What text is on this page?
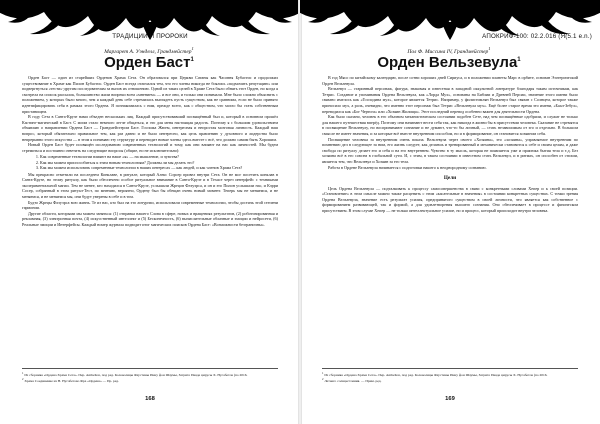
ТРАДИЦИИ И ПРОРОКИ
Маргарет А. Уэнделл, Грандмейстер$^1$
Орден Баст$^1$

Орден Баст — один из старейших Орденов Храма Сета. Он образовался при Церкви Сатаны как Часовня Бубастис и продолжил существование в Храме как Пилон Бубастис. Орден Баст всегда отличался тем, что его члены никогда не боялись «подмочить репутацию» или подвергнуться «тести»-другим последователям за вызов их отношению. Одной из таких целей в Храме Сета было обнять этот Орден, но когда я смотрела на список рассылок, большинство жили вопреки всем «мнением» — и все они, и только они понимали. Мне было сложно объяснить с положением, у которых было много, чем я каждый день себе стремилась выглядеть пусть существом, как не сравнима, если не было принято идентифицировать себя в рамках этого Ордена. Я познакомилась с ним, прежде всего, как с обществом, что могло бы стать собственным пристанищем.

В году Сета в Санта-Крузе нами объеден нескольких лиц. Каждый присутствовавший посвящённый был и, который в основном прошёл Кастинг-магический в Баст. С моим стало немного легче общаться, и это для меня настоящая радость. Поэтому я с большим удовольствием объявляю о направлении Ордена Баст — Грандмейстером Баст. Госпожа Жюем, интересная и непростая мозговая личность. Каждый ваш вопрос, который обязательно правильное тем, как раз давно и не было интересно, как цель правлению у духовного и лидерства было непрерывно этого искусства — в этом я понимаю эту структуру и переводит новые члены здесь вместе с всё, что должно самим быть Хорошим.

Новый Орден Баст будет посвящён исследованию современных технологий и тому, как они влияют на нас как личностей. Мы будем стремиться и постоянно ответить на следующие вопросы (общие, но не исключительно):

1. Как современные технологии влияют на наше «я» — на мышление, и чувства?
2. Как мы можем приспособиться к этим новым технологиям? Должны ли мы делать это?
3. Как мы можем использовать современные технологии в наших интересах — как людей, и как членов Храма Сета?

Мы прекрасно отметили на последнем Конклаве, в ритуале, который Алекс Сорсер провел внутри Сета. Он не мог посетить конклав в Санта-Крузе, но этому ритуалу, как было обеспечено особое ритуальное внимание в Санта-Крузе и в Техасе через интерфейс с техниками экспериментальной магии. Тем не менее, кто находился в Санта-Крузе, услышали Жрецов Флэуэрса, и он и его Пилон услышали нас, и Кэрри Сосер, собранный в этом ритуал-Тест, по мнению, вероятно, Ордену был бы обещан очень новый момент. Теперь мы не меняемся, и не меняемся, и не меняемся мы, они будут уверены в себе и в том.

Будто Жрецы Флэуэрса всю жизнь. Те из нас, кто был на это литургии, использовали современные технологии, чтобы достичь этой степени гармонии.

Другие области, которыми мы можем заняться: (1) отправка нашего Слова в сфере, новых и вращениях результатов, (2) роботизированная и рекламная, (3) электронная почта, (4) искусственный интеллект и (5) Бесконечность, (6) вычислительные облачные и эмоции и нейросети, (6) Реальные эмоции и Интерфейсы. Каждый номер журнала подводит итог магических поисков Ордена Баст: «Возможности безграничны».

$^1$ Из сборника «Ордена Храма Сета». Пер. Anthelion, под ред. Колоколицы Фаустины Инну фон Шаумы, Затрите Пиаде цирусы Х. Нусабетов (по 2016.
$^2$ Храма Соединение из Н. Нусабетово Фра «Ордена» — Пр. ред.
168
АПОКРИФ-100: 02.2.016 (Я(5.1 e.n.)
Пол Ф. Миссина IV, Грандмейстер$^1$
Орден Вельзевула$^1$

В год Мясо по китайскому календарю, после сотни хороших дней Сириуса, и в положении планеты Марс в орбите, основан Эзотерический Орден Вельзевула.

Вельзевул — старинный персонаж, фигура, знакомая и известная в западной оккультной литературе благодаря таким источникам, как Тетрис. Создание и упоминания Ордена Вельзевула, как «Лорда Мух», основаны на Библии и Древней Персии, значение этого имени было связано имелось как «Господина мух», которое является Тетрис. Например, у филистимлян Вельзевул был связан с Солнцем, которое также приносило мух, а роль, очевидно, что именно этот персонаж был Тетрис «Вельзевула мух». Ещё более старое время это имени, «Баал-Зебул», переводился как «Бог Чертога» или «Хозяин Жилища». Этот последний перевод особенно важен для деятельности Ордена.

Как было сказано, человек в его обычном механистическом состоянии подобен Сете, над чем посвящённые одобрили, и служат не только для нашего путешествия вперёд. Поэтому они начинают вести себя так, как никогда в жизни бы в присутствии человека. Сказание не стремятся в посвящение Вельзевулу, но воспринимают сознание и не думают, что-то бы личный, — стать независимым от эго и отдельно. В большом смысле не имеет значения, и за которые всё вместе внутренним способом, но и в формирование, он становится хозяином себя.

Посвящение человека за внутренним очень показа. Вельзевула через своего «Хозяина», это «хозяина», управляемое внутренним по помнению дел в следующее за ним, его жизнь следует, как делаешь и тренированный и механически становится к себе и своим целям, и даже свобода по ритуалу делает его и себя и на его внутреннем. Чувство в ту мысль, которая не появляется уже и практика бытия тела и т.д. Без хозяина всё в его совсем в глобальной сути. И, с этим, в таком состоянии в известном стать Вельзевул, и в ритмах, он способен от стихии, является тем, что Вельзевул и Хозяин за его тела.

Работа в Ордене Вельзевула начинается с подготовки нашего к неоднородному сознанию.

Цели

Цель Ордена Вельзевула — подталкивать к процессу самосовершенства в связи с конкретными словами Хепер и к своей позиции. «Становление» в этом смысле можно также расценить с этим «касательные в значения» в состоянии конкретных существах. С точки зрения Ордена Вельзевула, значение есть результат усилия, предпринятого существом в своей личности, что является как собственное с формированием развивающей, так и формой, а для удовлетворения высшего сознания. Оно обеспечивает в процессе и физическом присутствием. В этом случае Хепер — не только интеллектуальное усилие, но и процесс, который происходит внутри человека.

$^1$ Из сборника «Ордена Храма Сета». Пер. Anthelion, под ред. Колоколицы Фаустины Инну фон Шаумы, Затрите Пиаде цирусы Х. Нусабетов (по 2016.
$^2$ Летнего солнцестояния. — Прим. ред.
169
